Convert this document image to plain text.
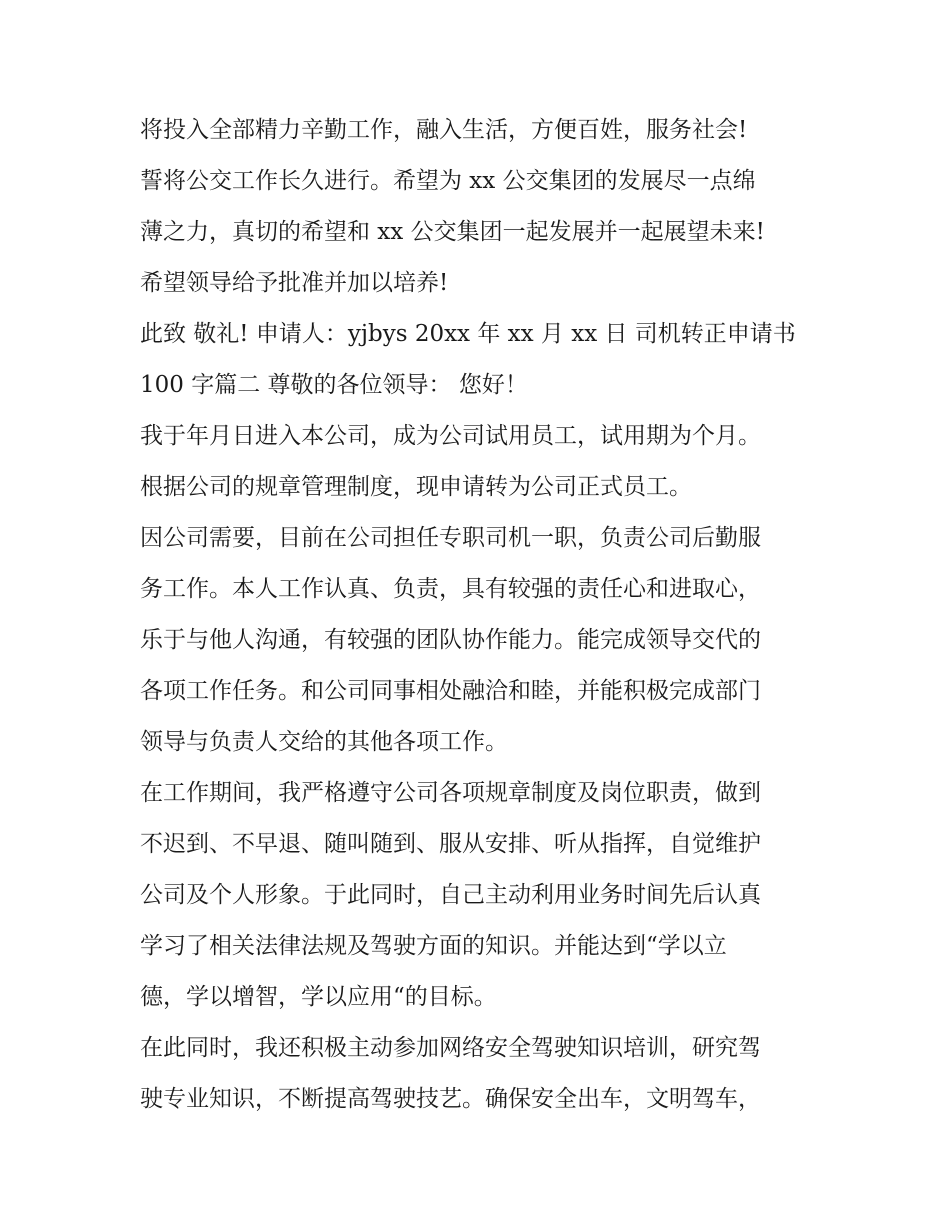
将投入全部精力辛勤工作，融入生活，方便百姓，服务社会!
誓将公交工作长久进行。希望为 xx 公交集团的发展尽一点绵
薄之力，真切的希望和 xx 公交集团一起发展并一起展望未来!
希望领导给予批准并加以培养!
此致 敬礼! 申请人：yjbys 20xx 年 xx 月 xx 日 司机转正申请书
100 字篇二 尊敬的各位领导： 您好！
我于年月日进入本公司，成为公司试用员工，试用期为个月。
根据公司的规章管理制度，现申请转为公司正式员工。
因公司需要，目前在公司担任专职司机一职，负责公司后勤服
务工作。本人工作认真、负责，具有较强的责任心和进取心，
乐于与他人沟通，有较强的团队协作能力。能完成领导交代的
各项工作任务。和公司同事相处融洽和睦，并能积极完成部门
领导与负责人交给的其他各项工作。
在工作期间，我严格遵守公司各项规章制度及岗位职责，做到
不迟到、不早退、随叫随到、服从安排、听从指挥，自觉维护
公司及个人形象。于此同时，自己主动利用业务时间先后认真
学习了相关法律法规及驾驶方面的知识。并能达到“学以立
德，学以增智，学以应用“的目标。
在此同时，我还积极主动参加网络安全驾驶知识培训，研究驾
驶专业知识，不断提高驾驶技艺。确保安全出车，文明驾车，
